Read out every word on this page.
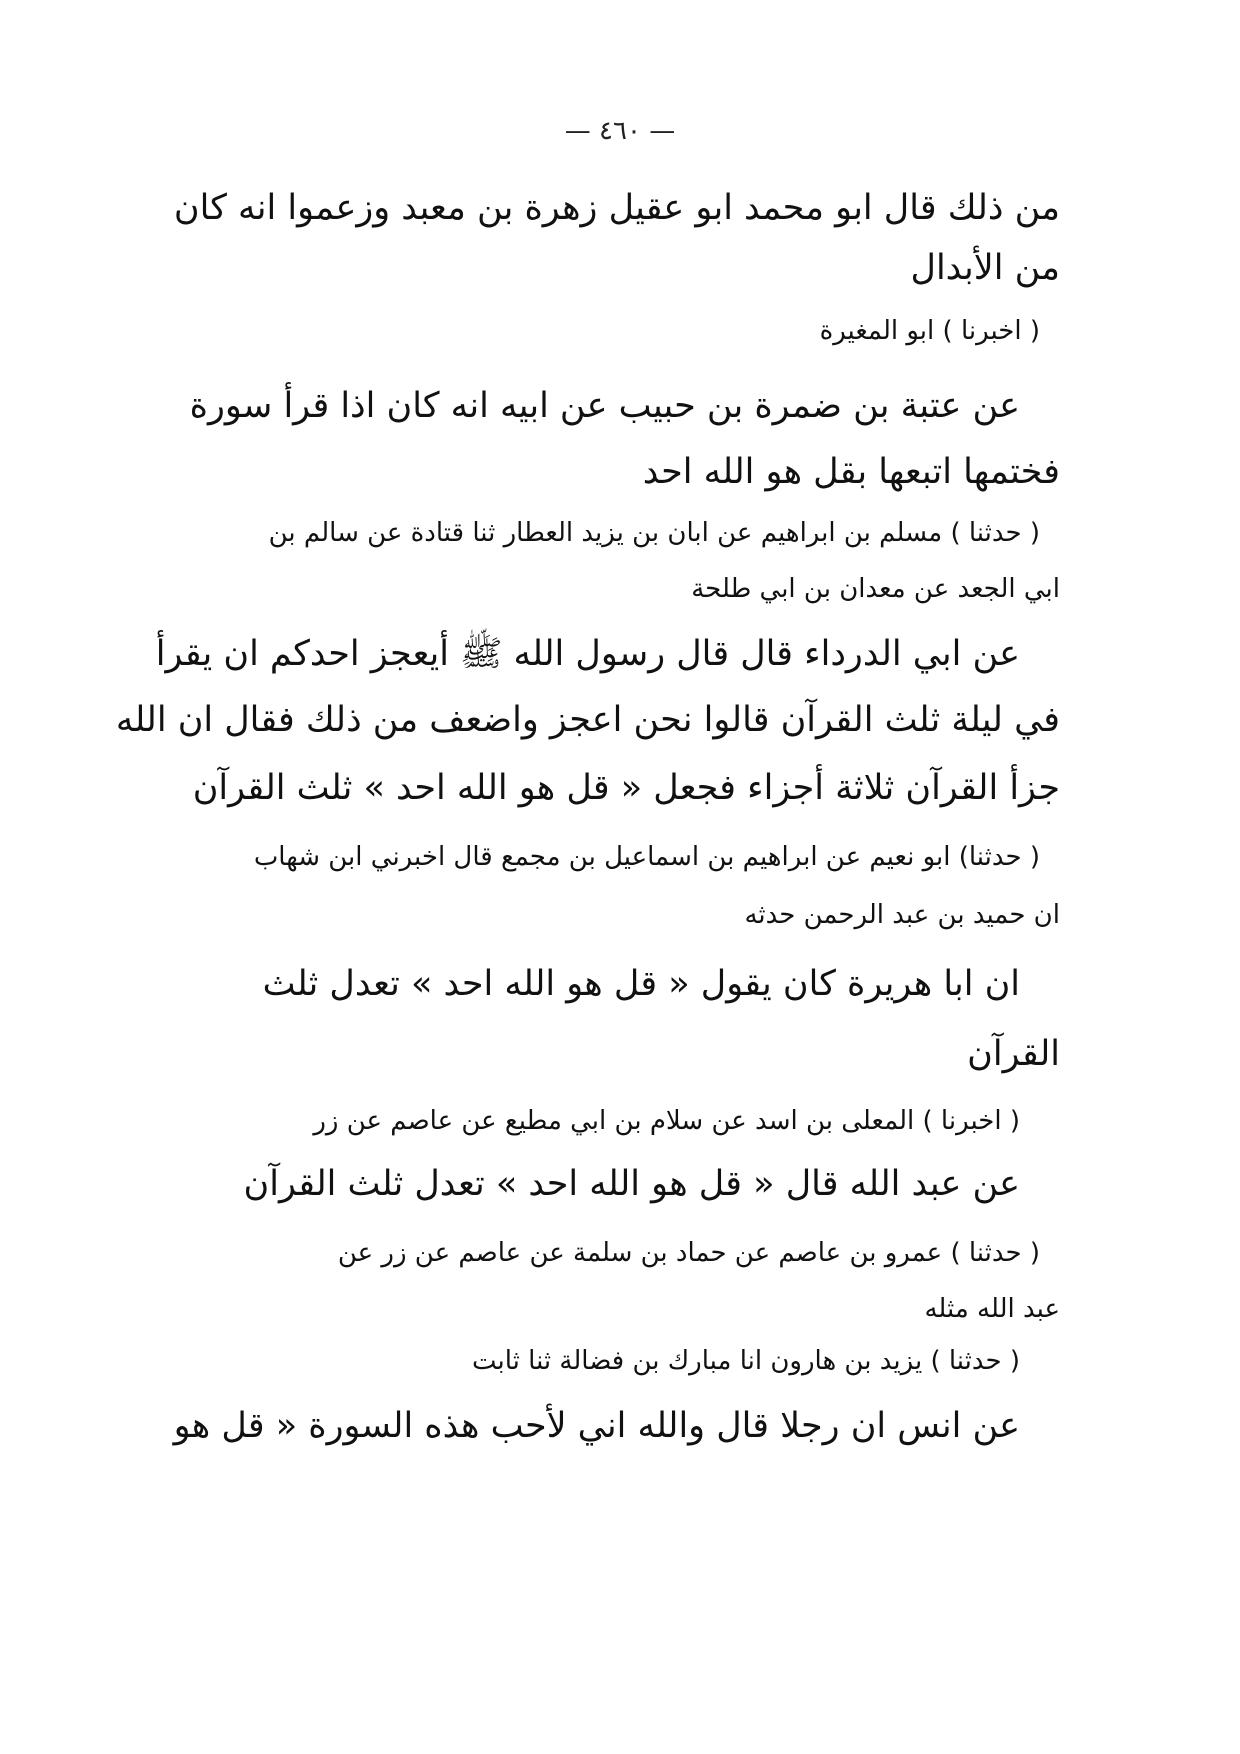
— ٤٦٠ —
من ذلك قال ابو محمد ابو عقيل زهرة بن معبد وزعموا انه كان
من الأبدال
( اخبرنا ) ابو المغيرة
عن عتبة بن ضمرة بن حبيب عن ابيه انه كان اذا قرأ سورة
فختمها اتبعها بقل هو الله احد
( حدثنا ) مسلم بن ابراهيم عن ابان بن يزيد العطار ثنا قتادة عن سالم بن
ابي الجعد عن معدان بن ابي طلحة
عن ابي الدرداء قال قال رسول الله ﷺ أيعجز احدكم ان يقرأ
في ليلة ثلث القرآن قالوا نحن اعجز واضعف من ذلك فقال ان الله
جزأ القرآن ثلاثة أجزاء فجعل « قل هو الله احد » ثلث القرآن
( حدثنا) ابو نعيم عن ابراهيم بن اسماعيل بن مجمع قال اخبرني ابن شهاب
ان حميد بن عبد الرحمن حدثه
ان ابا هريرة كان يقول « قل هو الله احد » تعدل ثلث
القرآن
( اخبرنا ) المعلى بن اسد عن سلام بن ابي مطيع عن عاصم عن زر
عن عبد الله قال « قل هو الله احد » تعدل ثلث القرآن
( حدثنا ) عمرو بن عاصم عن حماد بن سلمة عن عاصم عن زر عن
عبد الله مثله
( حدثنا ) يزيد بن هارون انا مبارك بن فضالة ثنا ثابت
عن انس ان رجلا قال والله اني لأحب هذه السورة « قل هو
